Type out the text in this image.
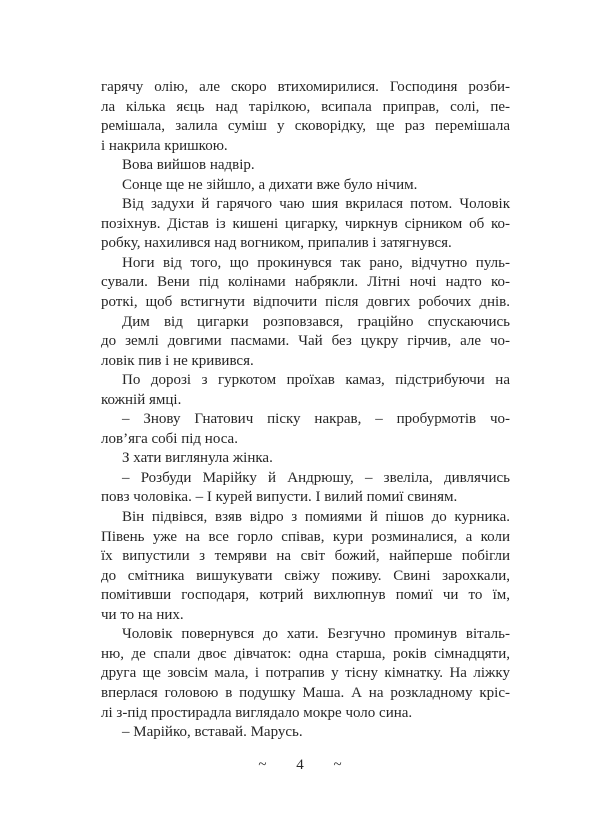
гарячу олію, але скоро втихомирилися. Господиня розби-
ла кілька яєць над тарілкою, всипала приправ, солі, пе-
ремішала, залила суміш у сковорідку, ще раз перемішала
і накрила кришкою.
Вова вийшов надвір.
Сонце ще не зійшло, а дихати вже було нічим.
Від задухи й гарячого чаю шия вкрилася потом. Чоловік
позіхнув. Дістав із кишені цигарку, чиркнув сірником об ко-
робку, нахилився над вогником, припалив і затягнувся.
Ноги від того, що прокинувся так рано, відчутно пуль-
сували. Вени під колінами набрякли. Літні ночі надто ко-
роткі, щоб встигнути відпочити після довгих робочих днів.
Дим від цигарки розповзався, граційно спускаючись
до землі довгими пасмами. Чай без цукру гірчив, але чо-
ловік пив і не кривився.
По дорозі з гуркотом проїхав камаз, підстрибуючи на
кожній ямці.
– Знову Гнатович піску накрав, – пробурмотів чо-
лов’яга собі під носа.
З хати виглянула жінка.
– Розбуди Марійку й Андрюшу, – звеліла, дивлячись
повз чоловіка. – І курей випусти. І вилий помиї свиням.
Він підвівся, взяв відро з помиями й пішов до курника.
Півень уже на все горло співав, кури розминалися, а коли
їх випустили з темряви на світ божий, найперше побігли
до смітника вишукувати свіжу поживу. Свині зарохкали,
помітивши господаря, котрий вихлюпнув помиї чи то їм,
чи то на них.
Чоловік повернувся до хати. Безгучно проминув віталь-
ню, де спали двоє дівчаток: одна старша, років сімнадцяти,
друга ще зовсім мала, і потрапив у тісну кімнатку. На ліжку
вперлася головою в подушку Маша. А на розкладному кріс-
лі з-під простирадла виглядало мокре чоло сина.
– Марійко, вставай. Марусь.
~ 4 ~
